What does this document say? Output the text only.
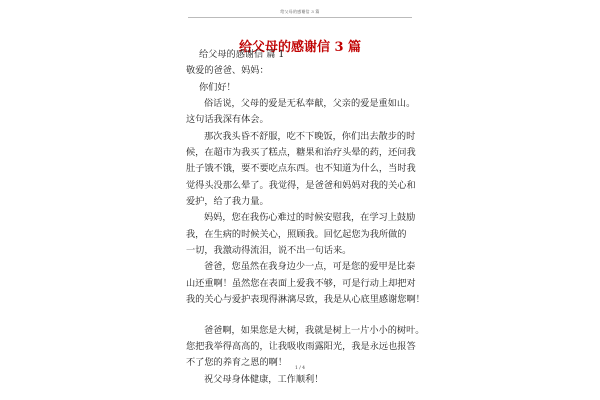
给父母的感谢信 3 篇
给父母的感谢信 3 篇
给父母的感谢信 篇 1
敬爱的爸爸、妈妈：
你们好！
俗话说，父母的爱是无私奉献，父亲的爱是重如山。
这句话我深有体会。
那次我头昏不舒服，吃不下晚饭，你们出去散步的时
候，在超市为我买了糕点，糖果和治疗头晕的药，还问我
肚子饿不饿，要不要吃点东西。也不知道为什么，当时我
觉得头没那么晕了。我觉得，是爸爸和妈妈对我的关心和
爱护，给了我力量。
妈妈，您在我伤心难过的时候安慰我，在学习上鼓励
我，在生病的时候关心，照顾我。回忆起您为我所做的
一切，我激动得流泪，说不出一句话来。
爸爸，您虽然在我身边少一点，可是您的爱甲是比泰
山还重啊！虽然您在表面上爱我不够，可是行动上却把对
我的关心与爱护表现得淋漓尽致，我是从心底里感谢您啊！
爸爸啊，如果您是大树，我就是树上一片小小的树叶。
您把我举得高高的，让我吸收雨露阳光，我是永远也报答
不了您的养育之恩的啊！
祝父母身体健康，工作顺利！
1 / 4
